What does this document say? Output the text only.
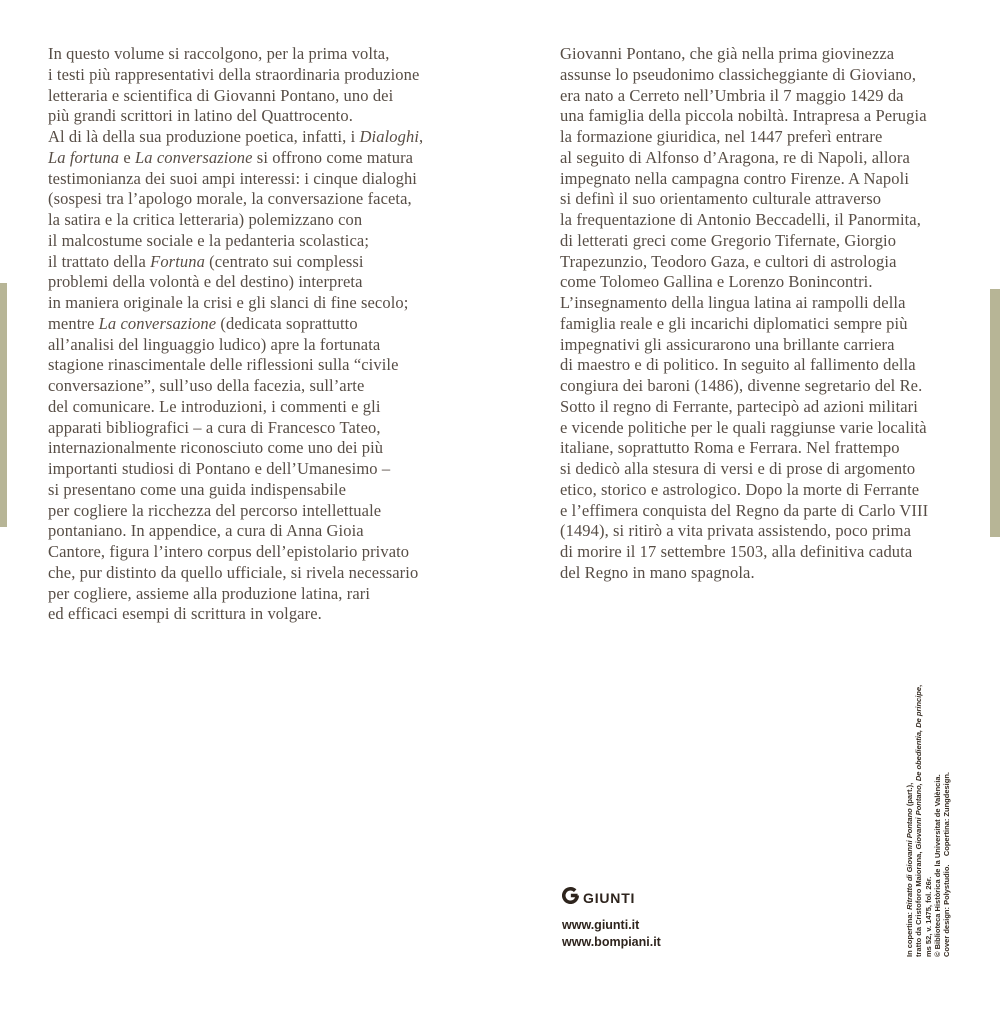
In questo volume si raccolgono, per la prima volta,
i testi più rappresentativi della straordinaria produzione
letteraria e scientifica di Giovanni Pontano, uno dei
più grandi scrittori in latino del Quattrocento.
Al di là della sua produzione poetica, infatti, i Dialoghi,
La fortuna e La conversazione si offrono come matura
testimonianza dei suoi ampi interessi: i cinque dialoghi
(sospesi tra l’apologo morale, la conversazione faceta,
la satira e la critica letteraria) polemizzano con
il malcostume sociale e la pedanteria scolastica;
il trattato della Fortuna (centrato sui complessi
problemi della volontà e del destino) interpreta
in maniera originale la crisi e gli slanci di fine secolo;
mentre La conversazione (dedicata soprattutto
all’analisi del linguaggio ludico) apre la fortunata
stagione rinascimentale delle riflessioni sulla “civile
conversazione”, sull’uso della facezia, sull’arte
del comunicare. Le introduzioni, i commenti e gli
apparati bibliografici – a cura di Francesco Tateo,
internazionalmente riconosciuto come uno dei più
importanti studiosi di Pontano e dell’Umanesimo –
si presentano come una guida indispensabile
per cogliere la ricchezza del percorso intellettuale
pontaniano. In appendice, a cura di Anna Gioia
Cantore, figura l’intero corpus dell’epistolario privato
che, pur distinto da quello ufficiale, si rivela necessario
per cogliere, assieme alla produzione latina, rari
ed efficaci esempi di scrittura in volgare.
Giovanni Pontano, che già nella prima giovinezza
assunse lo pseudonimo classicheggiante di Gioviano,
era nato a Cerreto nell’Umbria il 7 maggio 1429 da
una famiglia della piccola nobiltà. Intrapresa a Perugia
la formazione giuridica, nel 1447 preferì entrare
al seguito di Alfonso d’Aragona, re di Napoli, allora
impegnato nella campagna contro Firenze. A Napoli
si definì il suo orientamento culturale attraverso
la frequentazione di Antonio Beccadelli, il Panormita,
di letterati greci come Gregorio Tifernate, Giorgio
Trapezunzio, Teodoro Gaza, e cultori di astrologia
come Tolomeo Gallina e Lorenzo Bonincontri.
L’insegnamento della lingua latina ai rampolli della
famiglia reale e gli incarichi diplomatici sempre più
impegnativi gli assicurarono una brillante carriera
di maestro e di politico. In seguito al fallimento della
congiura dei baroni (1486), divenne segretario del Re.
Sotto il regno di Ferrante, partecipò ad azioni militari
e vicende politiche per le quali raggiunse varie località
italiane, soprattutto Roma e Ferrara. Nel frattempo
si dedicò alla stesura di versi e di prose di argomento
etico, storico e astrologico. Dopo la morte di Ferrante
e l’effimera conquista del Regno da parte di Carlo VIII
(1494), si ritirò a vita privata assistendo, poco prima
di morire il 17 settembre 1503, alla definitiva caduta
del Regno in mano spagnola.
GIUNTI
www.giunti.it
www.bompiani.it	In copertina: Ritratto di Giovanni Pontano (part.),
tratto da Cristoforo Maiorana, Giovanni Pontano, De obedientia, De principe,
ms 52, v. 1475, fol. 26r. © Biblioteca Històrica de la Universitat de València. Cover design: Polystudio.    Copertina: Zungdesign.
